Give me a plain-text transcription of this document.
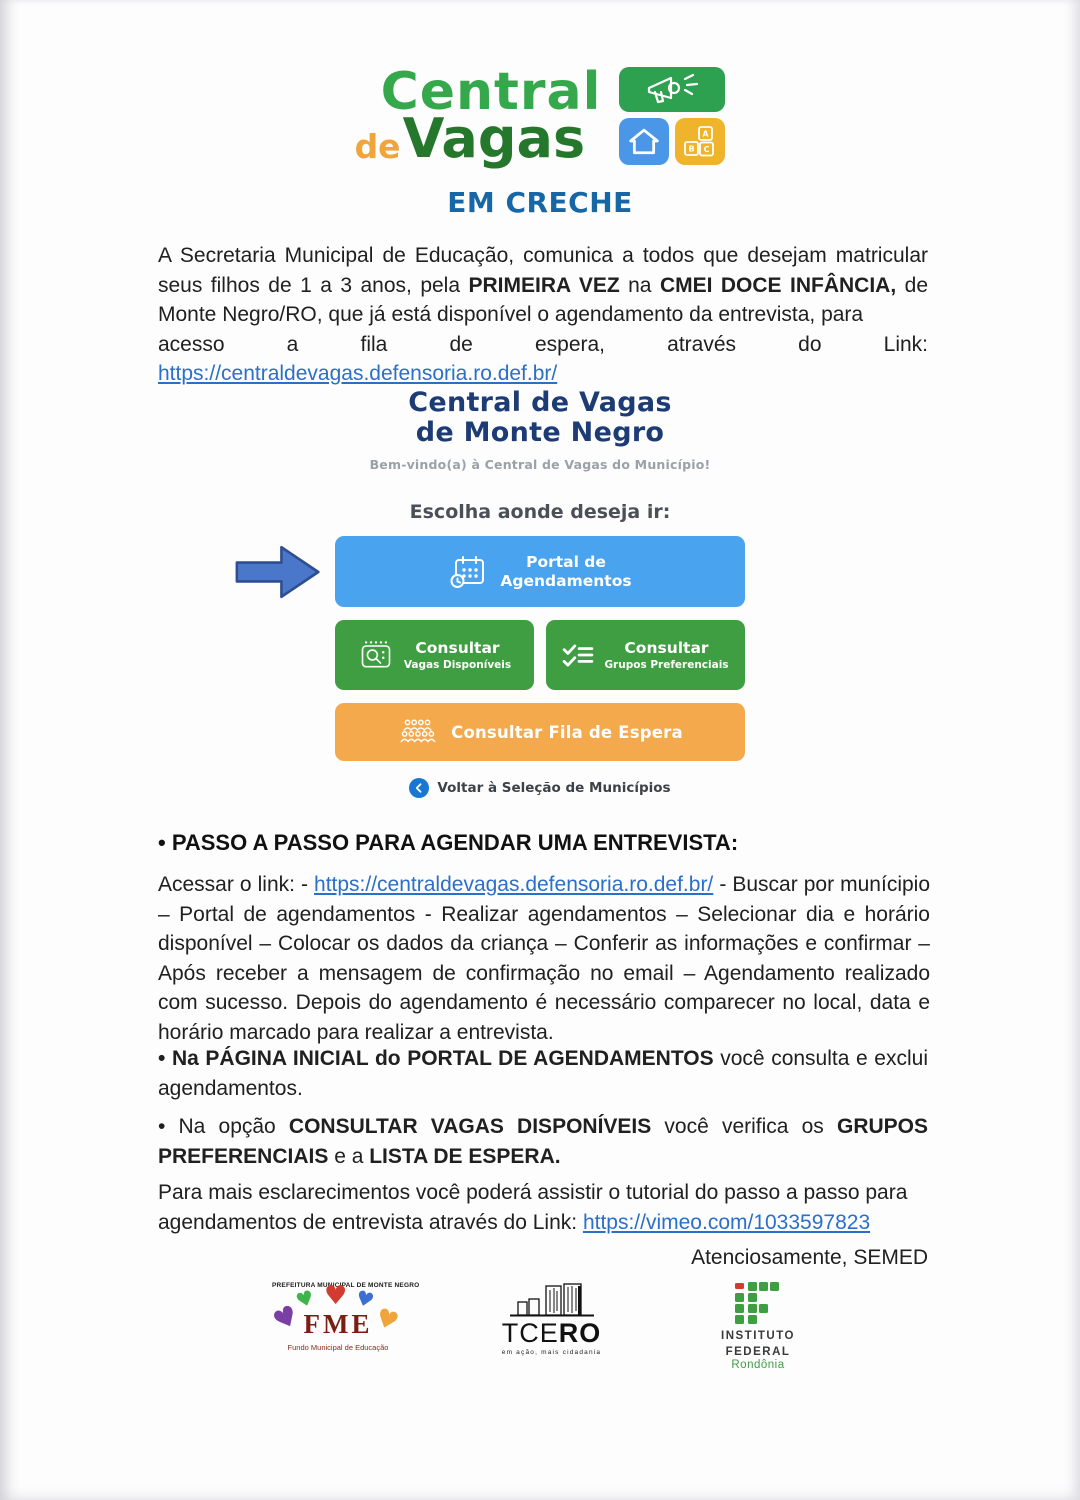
Central
de Vagas	A
B C
EM CRECHE

A Secretaria Municipal de Educação, comunica a todos que desejam matricular seus filhos de 1 a 3 anos, pela PRIMEIRA VEZ na CMEI DOCE INFÂNCIA, de Monte Negro/RO, que já está disponível o agendamento da entrevista, para

acesso a fila de espera, através do Link:
https://centraldevagas.defensoria.ro.def.br/
Central de Vagas
de Monte Negro
Bem-vindo(a) à Central de Vagas do Município!
Escolha aonde deseja ir:
Portal de
Agendamentos
Consultar
Vagas Disponíveis
Consultar
Grupos Preferenciais
Consultar Fila de Espera
Voltar à Seleção de Municípios
• PASSO A PASSO PARA AGENDAR UMA ENTREVISTA:

Acessar o link: - https://centraldevagas.defensoria.ro.def.br/ - Buscar por munícipio – Portal de agendamentos - Realizar agendamentos – Selecionar dia e horário disponível – Colocar os dados da criança – Conferir as informações e confirmar – Após receber a mensagem de confirmação no email – Agendamento realizado com sucesso. Depois do agendamento é necessário comparecer no local, data e horário marcado para realizar a entrevista.

• Na PÁGINA INICIAL do PORTAL DE AGENDAMENTOS você consulta e exclui agendamentos.

• Na opção CONSULTAR VAGAS DISPONÍVEIS você verifica os GRUPOS PREFERENCIAIS e a LISTA DE ESPERA.

Para mais esclarecimentos você poderá assistir o tutorial do passo a passo para agendamentos de entrevista através do Link: https://vimeo.com/1033597823

Atenciosamente, SEMED
PREFEITURA MUNICIPAL DE MONTE NEGRO
♥
♥ ♥ ♥
♥
FME
Fundo Municipal de Educação	TCERO
em ação, mais cidadania
INSTITUTO
FEDERAL
Rondônia
